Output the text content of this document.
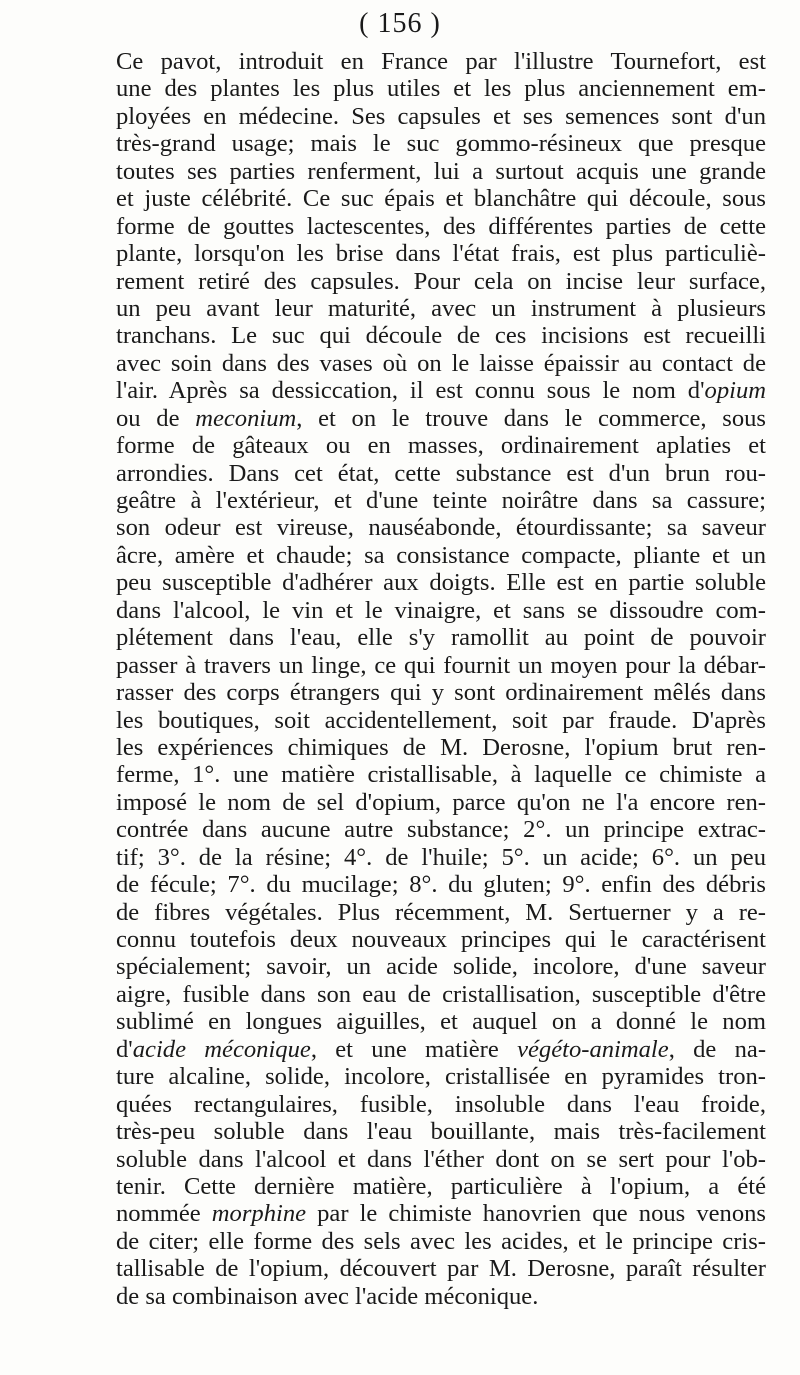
( 156 )
Ce pavot, introduit en France par l'illustre Tournefort, est
une des plantes les plus utiles et les plus anciennement em-
ployées en médecine. Ses capsules et ses semences sont d'un
très-grand usage; mais le suc gommo-résineux que presque
toutes ses parties renferment, lui a surtout acquis une grande
et juste célébrité. Ce suc épais et blanchâtre qui découle, sous
forme de gouttes lactescentes, des différentes parties de cette
plante, lorsqu'on les brise dans l'état frais, est plus particuliè-
rement retiré des capsules. Pour cela on incise leur surface,
un peu avant leur maturité, avec un instrument à plusieurs
tranchans. Le suc qui découle de ces incisions est recueilli
avec soin dans des vases où on le laisse épaissir au contact de
l'air. Après sa dessiccation, il est connu sous le nom d'opium
ou de meconium, et on le trouve dans le commerce, sous
forme de gâteaux ou en masses, ordinairement aplaties et
arrondies. Dans cet état, cette substance est d'un brun rou-
geâtre à l'extérieur, et d'une teinte noirâtre dans sa cassure;
son odeur est vireuse, nauséabonde, étourdissante; sa saveur
âcre, amère et chaude; sa consistance compacte, pliante et un
peu susceptible d'adhérer aux doigts. Elle est en partie soluble
dans l'alcool, le vin et le vinaigre, et sans se dissoudre com-
plétement dans l'eau, elle s'y ramollit au point de pouvoir
passer à travers un linge, ce qui fournit un moyen pour la débar-
rasser des corps étrangers qui y sont ordinairement mêlés dans
les boutiques, soit accidentellement, soit par fraude. D'après
les expériences chimiques de M. Derosne, l'opium brut ren-
ferme, 1°. une matière cristallisable, à laquelle ce chimiste a
imposé le nom de sel d'opium, parce qu'on ne l'a encore ren-
contrée dans aucune autre substance; 2°. un principe extrac-
tif; 3°. de la résine; 4°. de l'huile; 5°. un acide; 6°. un peu
de fécule; 7°. du mucilage; 8°. du gluten; 9°. enfin des débris
de fibres végétales. Plus récemment, M. Sertuerner y a re-
connu toutefois deux nouveaux principes qui le caractérisent
spécialement; savoir, un acide solide, incolore, d'une saveur
aigre, fusible dans son eau de cristallisation, susceptible d'être
sublimé en longues aiguilles, et auquel on a donné le nom
d'acide méconique, et une matière végéto-animale, de na-
ture alcaline, solide, incolore, cristallisée en pyramides tron-
quées rectangulaires, fusible, insoluble dans l'eau froide,
très-peu soluble dans l'eau bouillante, mais très-facilement
soluble dans l'alcool et dans l'éther dont on se sert pour l'ob-
tenir. Cette dernière matière, particulière à l'opium, a été
nommée morphine par le chimiste hanovrien que nous venons
de citer; elle forme des sels avec les acides, et le principe cris-
tallisable de l'opium, découvert par M. Derosne, paraît résulter
de sa combinaison avec l'acide méconique.
